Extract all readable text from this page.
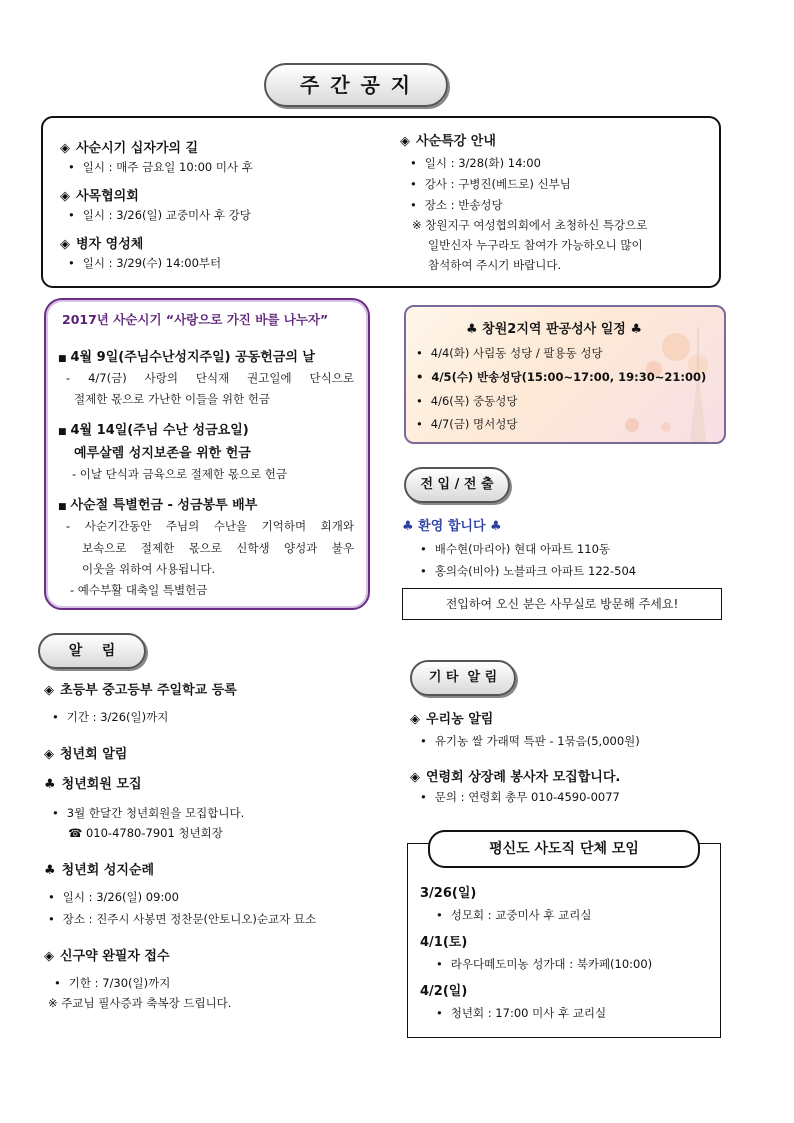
주 간 공 지
◈ 사순시기 십자가의 길
• 일시 : 매주 금요일 10:00 미사 후
◈ 사목협의회
• 일시 : 3/26(일) 교중미사 후 강당
◈ 병자 영성체
• 일시 : 3/29(수) 14:00부터
◈ 사순특강 안내
• 일시 : 3/28(화) 14:00
• 강사 : 구병진(베드로) 신부님
• 장소 : 반송성당
※ 창원지구 여성협의회에서 초청하신 특강으로
일반신자 누구라도 참여가 가능하오니 많이
참석하여 주시기 바랍니다.
2017년 사순시기 “사랑으로 가진 바를 나누자”
■ 4월 9일(주님수난성지주일) 공동헌금의 날
- 4/7(금) 사랑의 단식재 권고일에 단식으로
절제한 몫으로 가난한 이들을 위한 헌금
■ 4월 14일(주님 수난 성금요일)
예루살렘 성지보존을 위한 헌금
- 이날 단식과 금육으로 절제한 몫으로 헌금
■ 사순절 특별헌금 - 성금봉투 배부
- 사순기간동안 주님의 수난을 기억하며 회개와
보속으로 절제한 몫으로 신학생 양성과 불우
이웃을 위하여 사용됩니다.
- 예수부활 대축일 특별헌금
♣ 창원2지역 판공성사 일정 ♣
• 4/4(화) 사림동 성당 / 팔용동 성당
• 4/5(수) 반송성당(15:00~17:00, 19:30~21:00)
• 4/6(목) 중동성당
• 4/7(금) 명서성당
전 입 / 전 출
♣ 환영 합니다 ♣
• 배수현(마리아) 현대 아파트 110동
• 홍의숙(비아) 노블파크 아파트 122-504
전입하여 오신 분은 사무실로 방문해 주세요!
알    림
◈ 초등부 중고등부 주일학교 등록
• 기간 : 3/26(일)까지
◈ 청년회 알림
♣ 청년회원 모집
• 3월 한달간 청년회원을 모집합니다.
☎ 010-4780-7901 청년회장
♣ 청년회 성지순례
• 일시 : 3/26(일) 09:00
• 장소 : 진주시 사봉면 정찬문(안토니오)순교자 묘소
◈ 신구약 완필자 접수
• 기한 : 7/30(일)까지
※ 주교님 필사증과 축복장 드립니다.
기 타  알 림
◈ 우리농 알림
• 유기농 쌀 가래떡 특판 - 1묶음(5,000원)
◈ 연령회 상장례 봉사자 모집합니다.
• 문의 : 연령회 총무 010-4590-0077
평신도 사도직 단체 모임
3/26(일)
• 성모회 : 교중미사 후 교리실
4/1(토)
• 라우다떼도미농 성가대 : 북카페(10:00)
4/2(일)
• 청년회 : 17:00 미사 후 교리실
